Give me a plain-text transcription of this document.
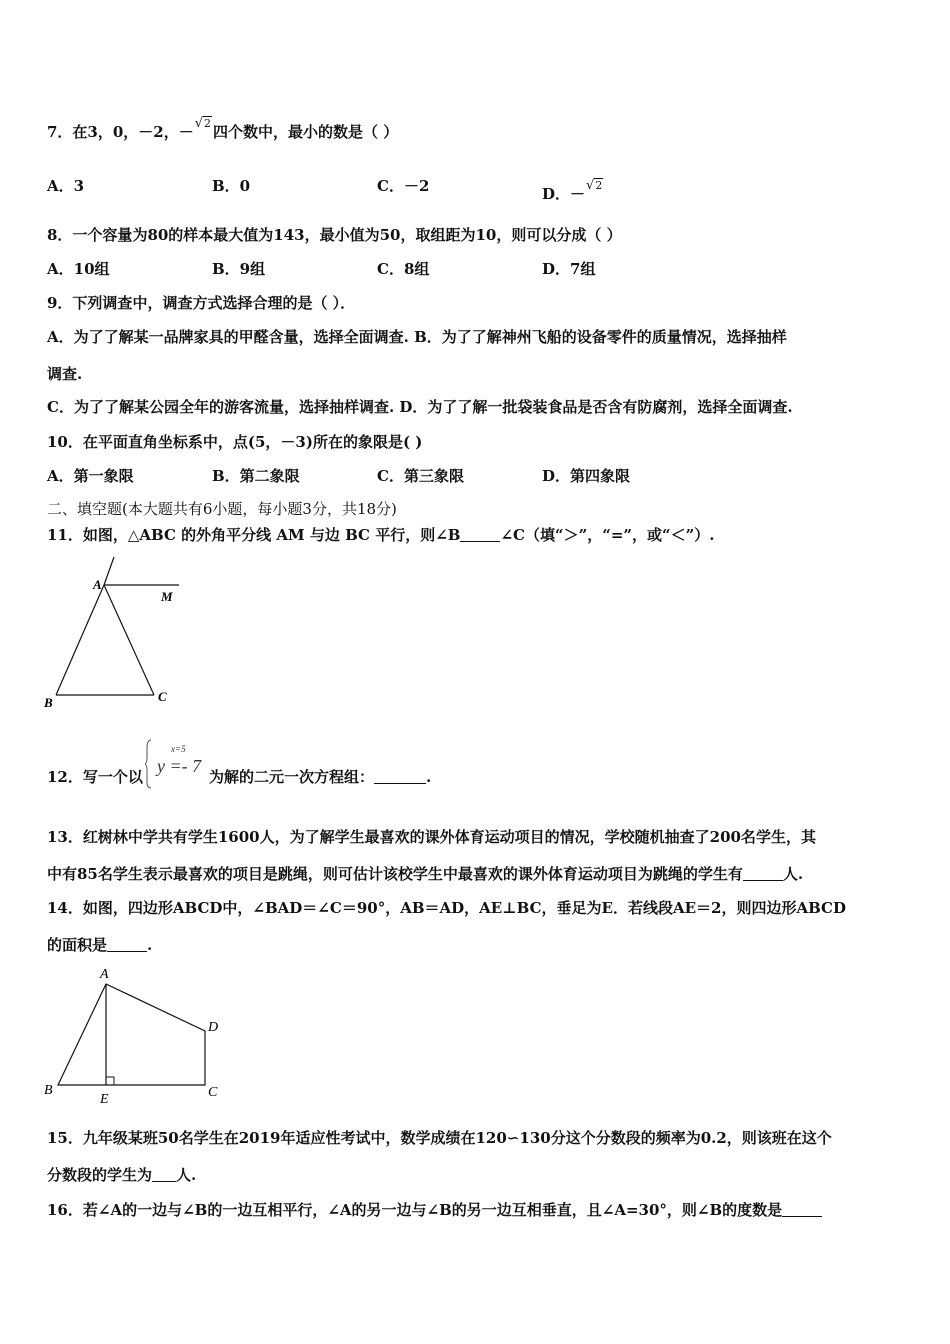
7．在3，0，－2，－√2 四个数中，最小的数是（ ）
A．3	B．0	C．－2	D．－√2
8．一个容量为80的样本最大值为143，最小值为50，取组距为10，则可以分成（ ）
A．10组	B．9组	C．8组	D．7组
9．下列调查中，调查方式选择合理的是（ ）．
A．为了了解某一品牌家具的甲醛含量，选择全面调查. B．为了了解神州飞船的设备零件的质量情况，选择抽样
调查.
C．为了了解某公园全年的游客流量，选择抽样调查. D．为了了解一批袋装食品是否含有防腐剂，选择全面调查.
10．在平面直角坐标系中，点(5，－3)所在的象限是( )
A．第一象限	B．第二象限	C．第三象限	D．第四象限
二、填空题(本大题共有6小题，每小题3分，共18分)
11．如图，△ABC 的外角平分线 AM 与边 BC 平行，则∠B	∠C（填“＞”，“=”，或“＜”）.
A
M
B	C
12．写一个以
x=5
y =- 7
为解的二元一次方程组：	.
13．红树林中学共有学生1600人，为了解学生最喜欢的课外体育运动项目的情况，学校随机抽查了200名学生，其
中有85名学生表示最喜欢的项目是跳绳，则可估计该校学生中最喜欢的课外体育运动项目为跳绳的学生有	人.
14．如图，四边形ABCD中，∠BAD＝∠C＝90°，AB＝AD，AE⊥BC，垂足为E．若线段AE＝2，则四边形ABCD
的面积是	.
A
D
B
E	C
15．九年级某班50名学生在2019年适应性考试中，数学成绩在120∽130分这个分数段的频率为0.2，则该班在这个
分数段的学生为 人.
16．若∠A的一边与∠B的一边互相平行，∠A的另一边与∠B的另一边互相垂直，且∠A=30°，则∠B的度数是
